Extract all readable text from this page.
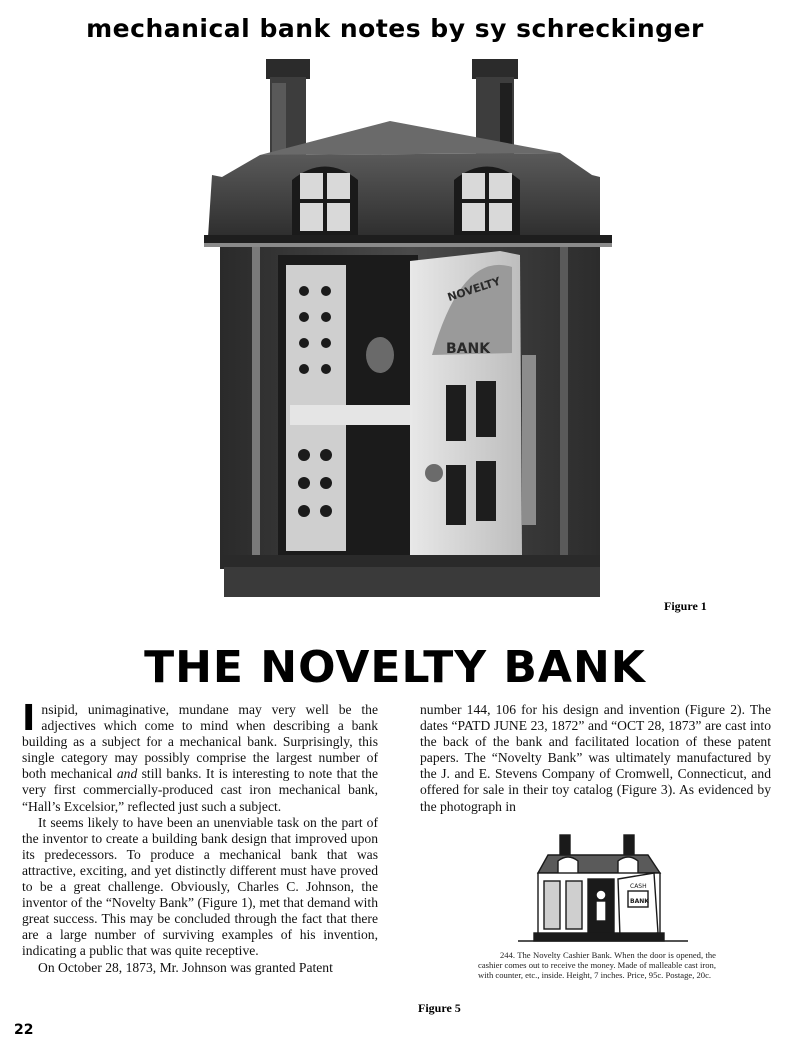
mechanical bank notes by sy schreckinger
NOVELTY
BANK
Figure 1
THE NOVELTY BANK

Insipid, unimaginative, mundane may very well be the adjectives which come to mind when describing a bank building as a subject for a mechanical bank. Surprisingly, this single category may possibly comprise the largest number of both mechanical and still banks. It is interesting to note that the very first commercially-produced cast iron mechanical bank, “Hall’s Excelsior,” reflected just such a subject.

It seems likely to have been an unenviable task on the part of the inventor to create a building bank design that improved upon its predecessors. To produce a mechanical bank that was attractive, exciting, and yet distinctly different must have proved to be a great challenge. Obviously, Charles C. Johnson, the inventor of the “Novelty Bank” (Figure 1), met that demand with great success. This may be concluded through the fact that there are a large number of surviving examples of his invention, indicating a public that was quite receptive.

On October 28, 1873, Mr. Johnson was granted Patent

number 144, 106 for his design and invention (Figure 2). The dates “PATD JUNE 23, 1872” and “OCT 28, 1873” are cast into the back of the bank and facilitated location of these patent papers. The “Novelty Bank” was ultimately manufactured by the J. and E. Stevens Company of Cromwell, Connecticut, and offered for sale in their toy catalog (Figure 3). As evidenced by the photograph in

CASH
BANK

244. The Novelty Cashier Bank. When the door is opened, the cashier comes out to receive the money. Made of malleable cast iron, with counter, etc., inside. Height, 7 inches. Price, 95c. Postage, 20c.

Figure 5
22
